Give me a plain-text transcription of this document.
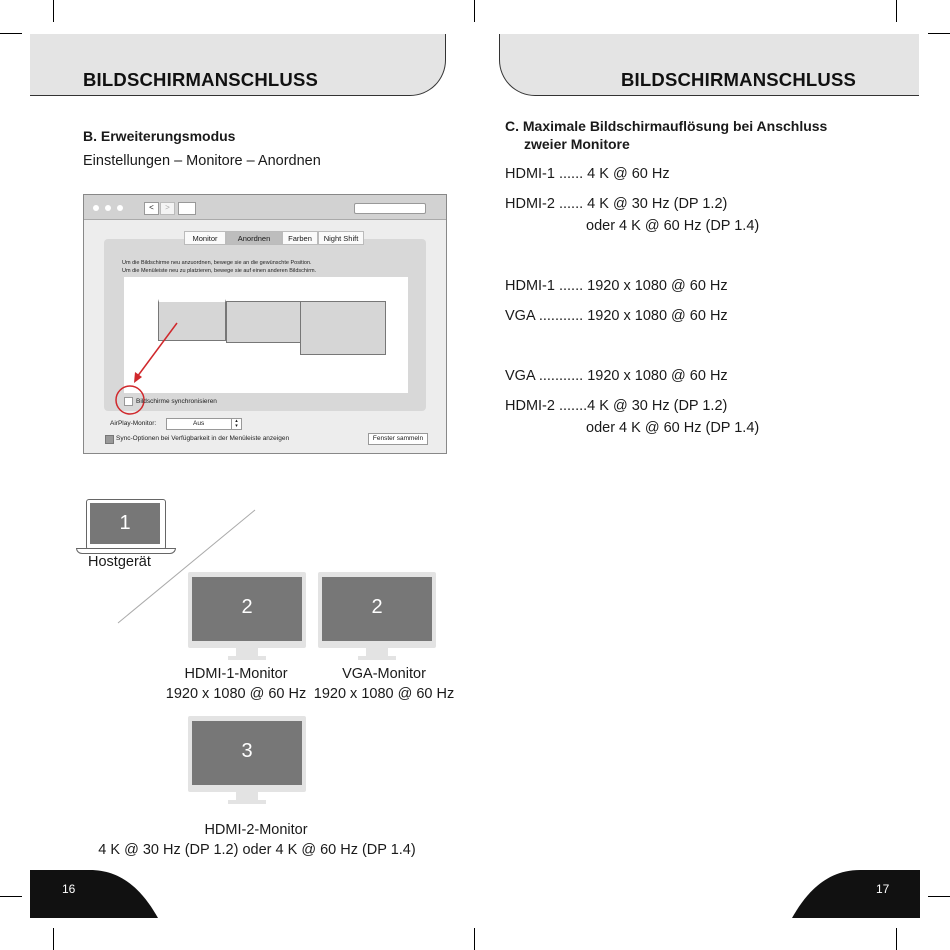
BILDSCHIRMANSCHLUSS	BILDSCHIRMANSCHLUSS
B. Erweiterungsmodus
Einstellungen – Monitore – Anordnen
<	>
Monitor	Anordnen	Farben	Night Shift
Um die Bildschirme neu anzuordnen, bewege sie an die gewünschte Position.
Um die Menüleiste neu zu platzieren, bewege sie auf einen anderen Bildschirm.
Bildschirme synchronisieren
AirPlay-Monitor:	Aus	▴
▾
Sync-Optionen bei Verfügbarkeit in der Menüleiste anzeigen	Fenster sammeln
1
Hostgerät
2	2
HDMI-1-Monitor
1920 x 1080 @ 60 Hz
VGA-Monitor
1920 x 1080 @ 60 Hz
3
HDMI-2-Monitor
4 K @ 30 Hz (DP 1.2) oder 4 K @ 60 Hz (DP 1.4)
C. Maximale Bildschirmauflösung bei Anschluss
zweier Monitore
HDMI-1 ...... 4 K @ 60 Hz
HDMI-2 ...... 4 K @ 30 Hz (DP 1.2)
oder 4 K @ 60 Hz (DP 1.4)
HDMI-1 ...... 1920 x 1080 @ 60 Hz
VGA ........... 1920 x 1080 @ 60 Hz
VGA ........... 1920 x 1080 @ 60 Hz
HDMI-2 .......4 K @ 30 Hz (DP 1.2)
oder 4 K @ 60 Hz (DP 1.4)
16	17
